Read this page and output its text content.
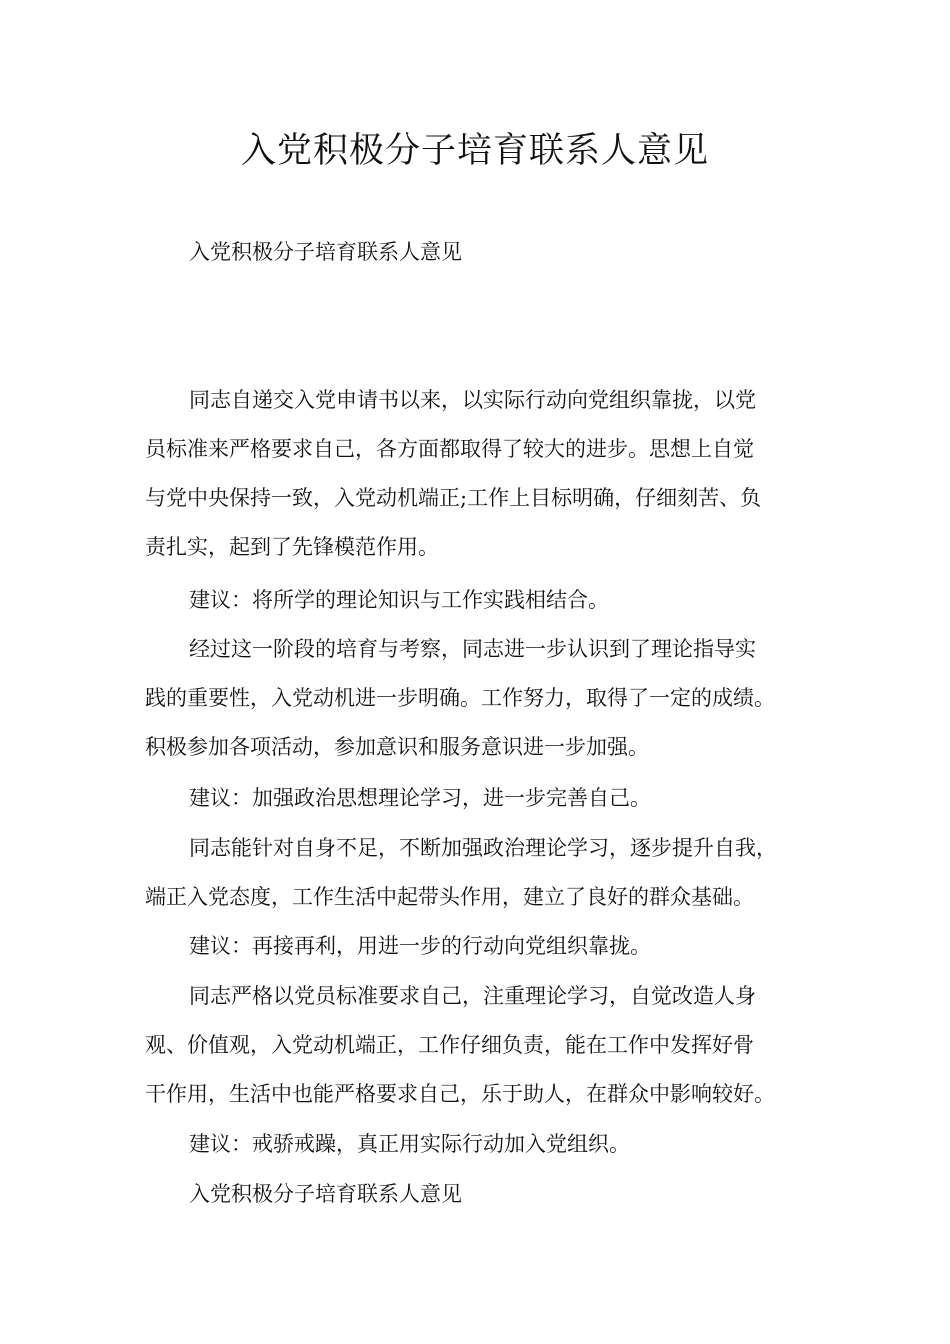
入党积极分子培育联系人意见

入党积极分子培育联系人意见

同志自递交入党申请书以来，以实际行动向党组织靠拢，以党
员标准来严格要求自己，各方面都取得了较大的进步。思想上自觉
与党中央保持一致，入党动机端正;工作上目标明确，仔细刻苦、负
责扎实，起到了先锋模范作用。

建议：将所学的理论知识与工作实践相结合。

经过这一阶段的培育与考察，同志进一步认识到了理论指导实
践的重要性，入党动机进一步明确。工作努力，取得了一定的成绩。
积极参加各项活动，参加意识和服务意识进一步加强。

建议：加强政治思想理论学习，进一步完善自己。

同志能针对自身不足，不断加强政治理论学习，逐步提升自我，
端正入党态度，工作生活中起带头作用，建立了良好的群众基础。

建议：再接再利，用进一步的行动向党组织靠拢。

同志严格以党员标准要求自己，注重理论学习，自觉改造人身
观、价值观，入党动机端正，工作仔细负责，能在工作中发挥好骨
干作用，生活中也能严格要求自己，乐于助人，在群众中影响较好。

建议：戒骄戒躁，真正用实际行动加入党组织。

入党积极分子培育联系人意见
